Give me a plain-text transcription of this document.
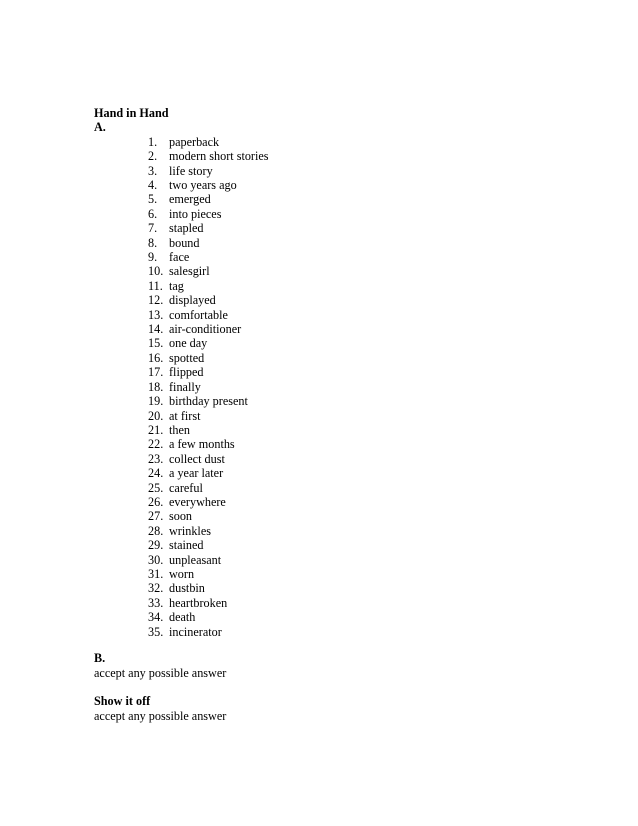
Hand in Hand
A.
1. paperback
2. modern short stories
3. life story
4. two years ago
5. emerged
6. into pieces
7. stapled
8. bound
9. face
10. salesgirl
11. tag
12. displayed
13. comfortable
14. air-conditioner
15. one day
16. spotted
17. flipped
18. finally
19. birthday present
20. at first
21. then
22. a few months
23. collect dust
24. a year later
25. careful
26. everywhere
27. soon
28. wrinkles
29. stained
30. unpleasant
31. worn
32. dustbin
33. heartbroken
34. death
35. incinerator
B.
accept any possible answer
Show it off
accept any possible answer
